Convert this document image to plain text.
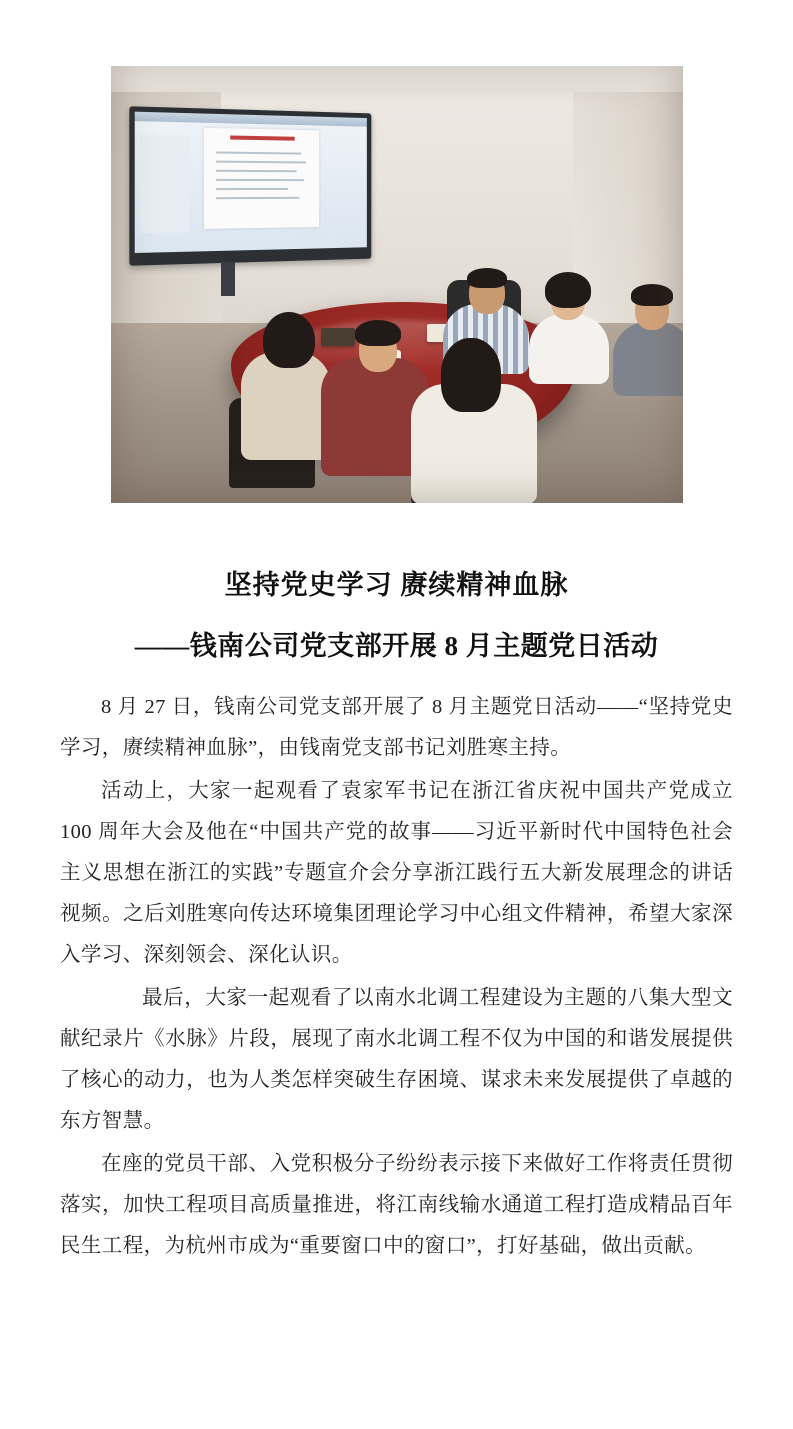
坚持党史学习 赓续精神血脉
——钱南公司党支部开展 8 月主题党日活动

8 月 27 日，钱南公司党支部开展了 8 月主题党日活动——“坚持党史学习，赓续精神血脉”，由钱南党支部书记刘胜寒主持。

活动上，大家一起观看了袁家军书记在浙江省庆祝中国共产党成立 100 周年大会及他在“中国共产党的故事——习近平新时代中国特色社会主义思想在浙江的实践”专题宣介会分享浙江践行五大新发展理念的讲话视频。之后刘胜寒向传达环境集团理论学习中心组文件精神，希望大家深入学习、深刻领会、深化认识。

最后，大家一起观看了以南水北调工程建设为主题的八集大型文献纪录片《水脉》片段，展现了南水北调工程不仅为中国的和谐发展提供了核心的动力，也为人类怎样突破生存困境、谋求未来发展提供了卓越的东方智慧。

在座的党员干部、入党积极分子纷纷表示接下来做好工作将责任贯彻落实，加快工程项目高质量推进，将江南线输水通道工程打造成精品百年民生工程，为杭州市成为“重要窗口中的窗口”，打好基础，做出贡献。
